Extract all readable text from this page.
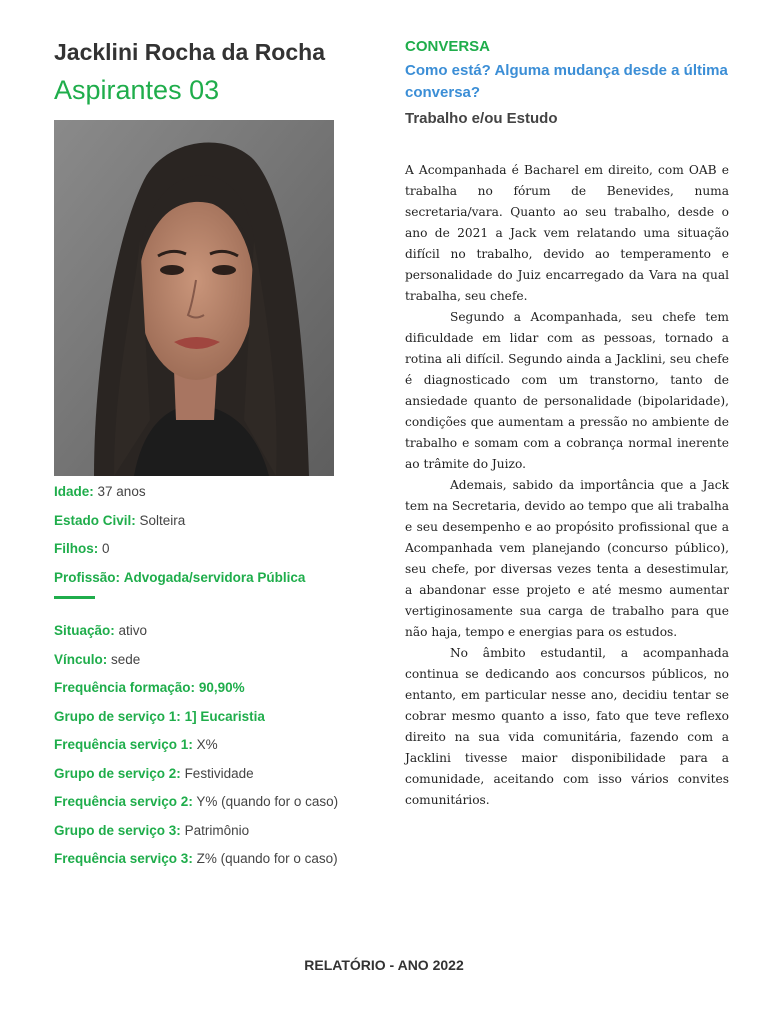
Jacklini Rocha da Rocha
Aspirantes 03
Idade: 37 anos
Estado Civil: Solteira
Filhos: 0
Profissão: Advogada/servidora Pública
Situação: ativo
Vínculo: sede
Frequência formação: 90,90%
Grupo de serviço 1: 1] Eucaristia
Frequência serviço 1: X%
Grupo de serviço 2: Festividade
Frequência serviço 2: Y% (quando for o caso)
Grupo de serviço 3: Patrimônio
Frequência serviço 3: Z% (quando for o caso)
CONVERSA
Como está? Alguma mudança desde a última conversa?
Trabalho e/ou Estudo

A Acompanhada é Bacharel em direito, com OAB e trabalha no fórum de Benevides, numa secretaria/vara. Quanto ao seu trabalho, desde o ano de 2021 a Jack vem relatando uma situação difícil no trabalho, devido ao temperamento e personalidade do Juiz encarregado da Vara na qual trabalha, seu chefe.

Segundo a Acompanhada, seu chefe tem dificuldade em lidar com as pessoas, tornado a rotina ali difícil. Segundo ainda a Jacklini, seu chefe é diagnosticado com um transtorno, tanto de ansiedade quanto de personalidade (bipolaridade), condições que aumentam a pressão no ambiente de trabalho e somam com a cobrança normal inerente ao trâmite do Juizo.

Ademais, sabido da importância que a Jack tem na Secretaria, devido ao tempo que ali trabalha e seu desempenho e ao propósito profissional que a Acompanhada vem planejando (concurso público), seu chefe, por diversas vezes tenta a desestimular, a abandonar esse projeto e até mesmo aumentar vertiginosamente sua carga de trabalho para que não haja, tempo e energias para os estudos.

No âmbito estudantil, a acompanhada continua se dedicando aos concursos públicos, no entanto, em particular nesse ano, decidiu tentar se cobrar mesmo quanto a isso, fato que teve reflexo direito na sua vida comunitária, fazendo com a Jacklini tivesse maior disponibilidade para a comunidade, aceitando com isso vários convites comunitários.

RELATÓRIO - ANO 2022
